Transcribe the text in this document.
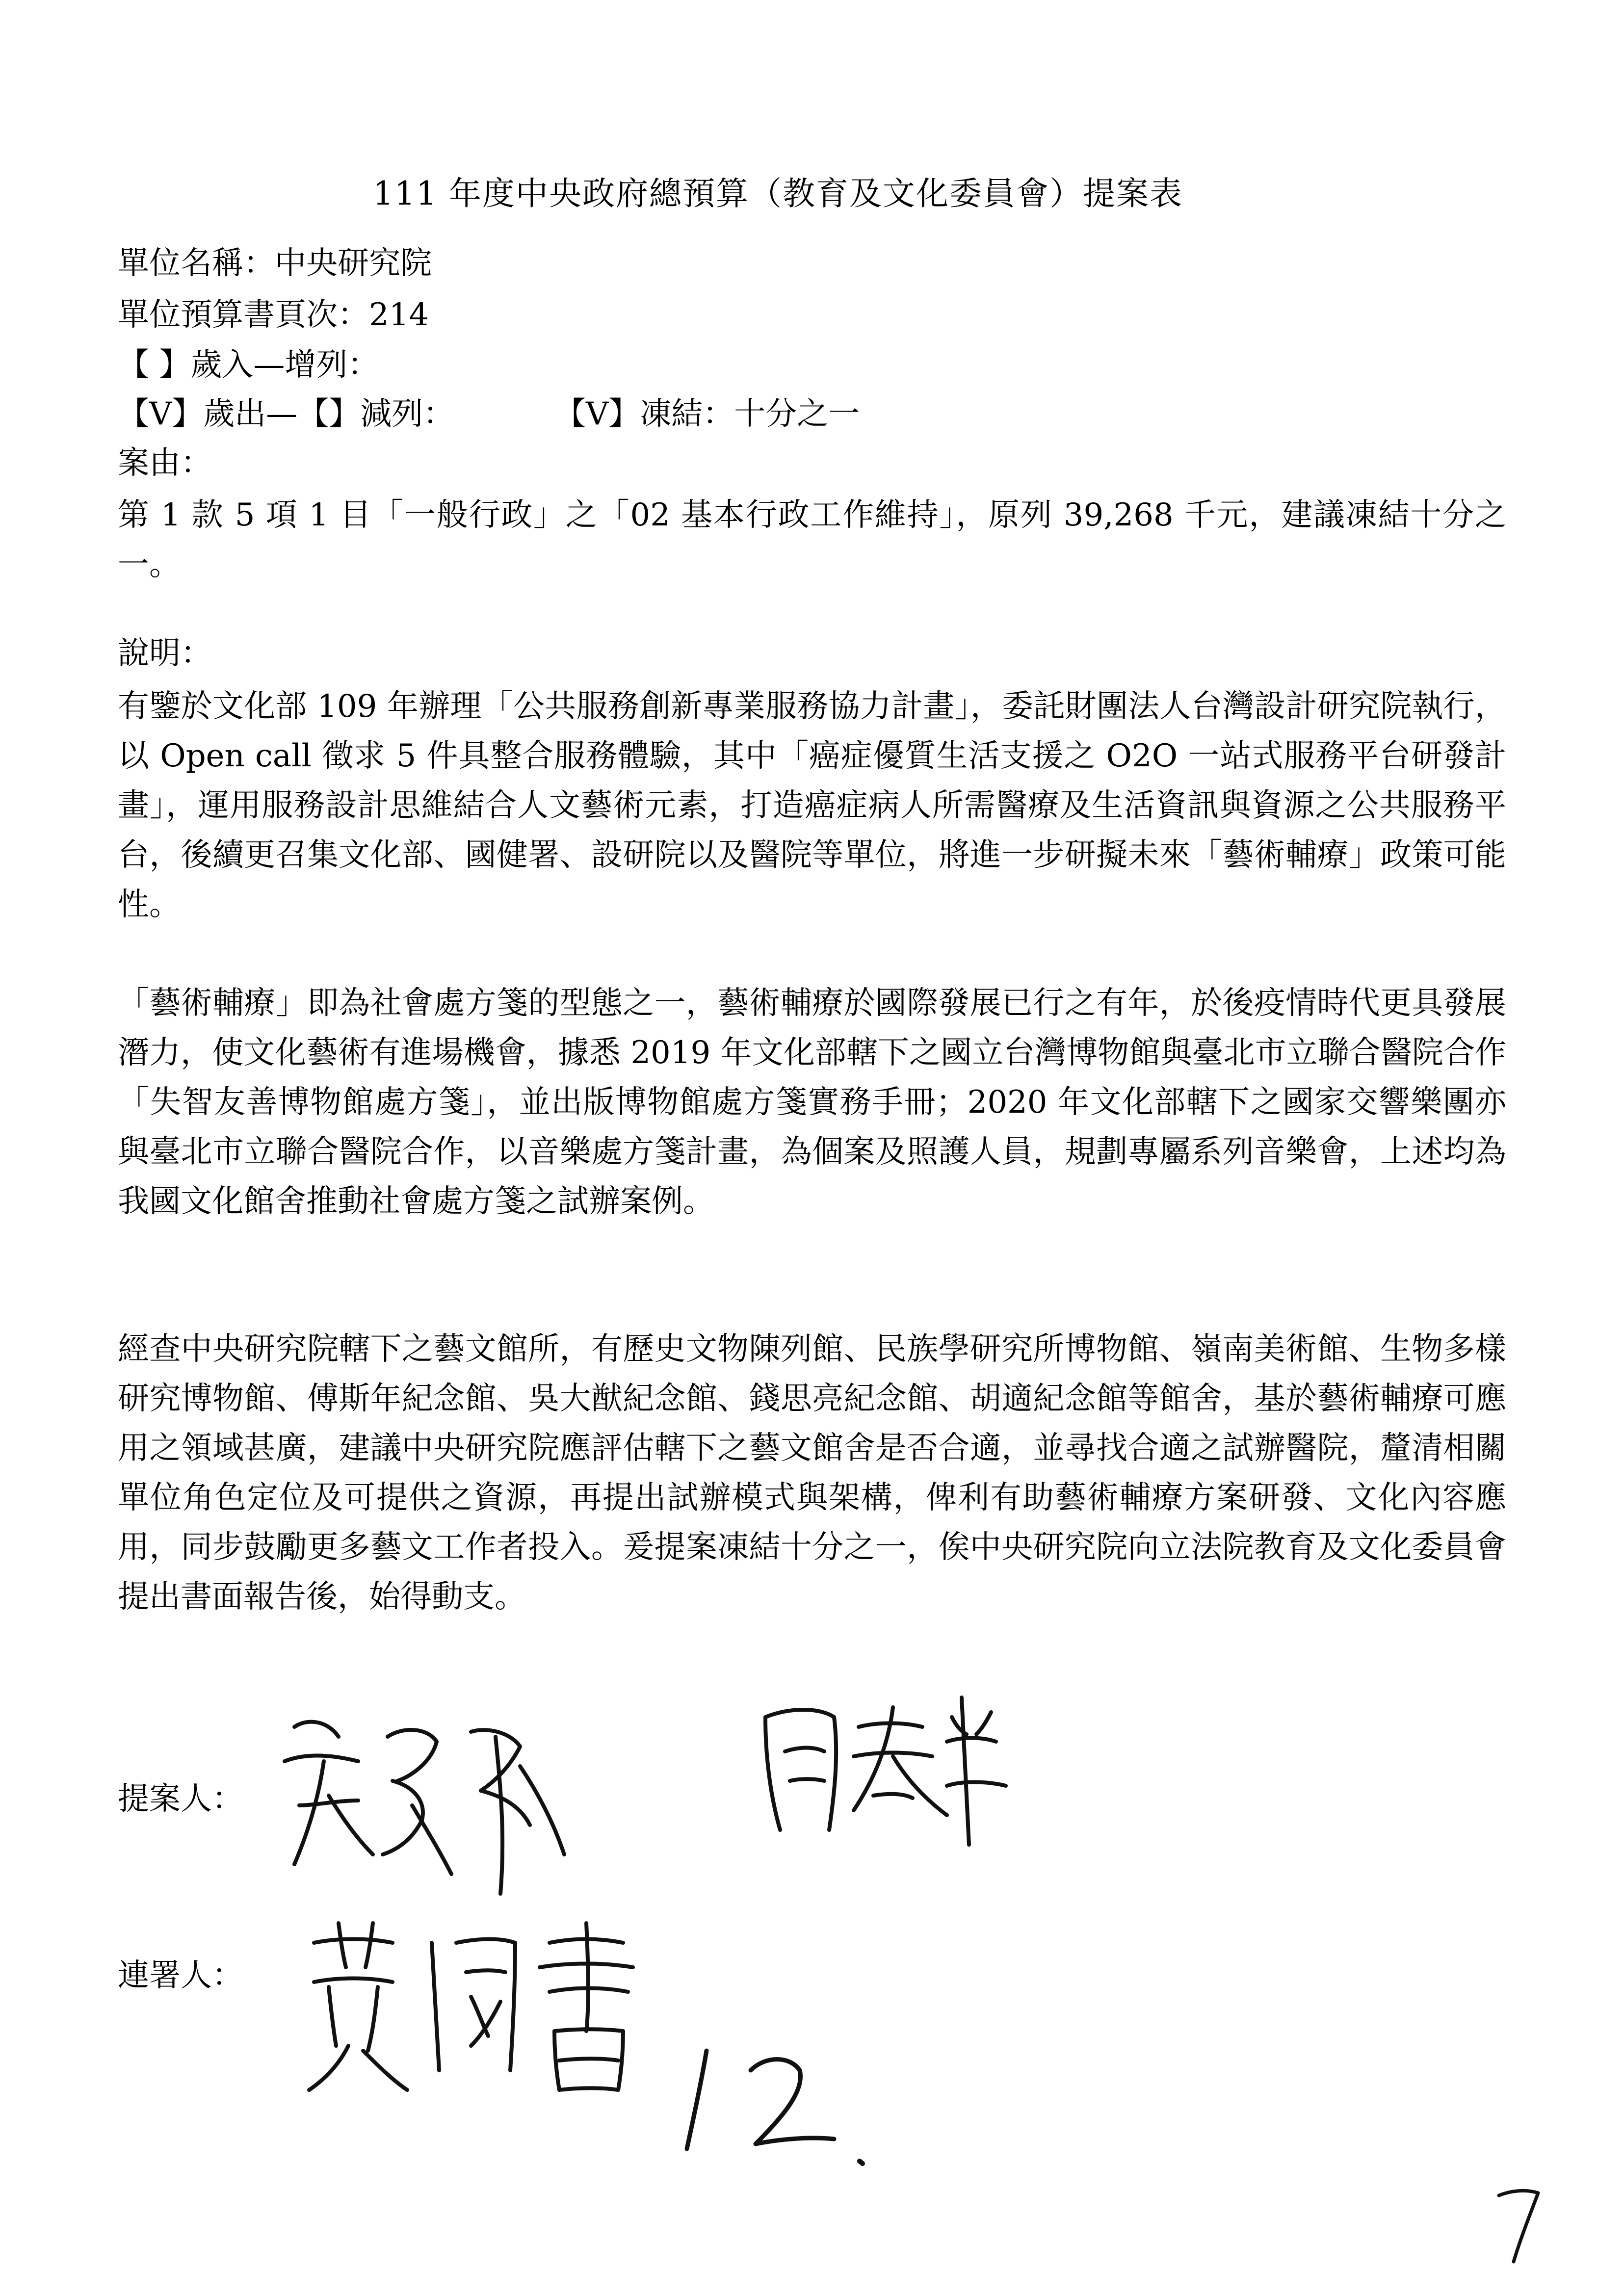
111 年度中央政府總預算（教育及文化委員會）提案表
單位名稱：中央研究院
單位預算書頁次：214
【 】歲入—增列：
【V】歲出—【】減列：	【V】凍結：十分之一
案由：
第 1 款 5 項 1 目「一般行政」之「02 基本行政工作維持」，原列 39,268 千元，建議凍結十分之一。
說明：
有鑒於文化部 109 年辦理「公共服務創新專業服務協力計畫」，委託財團法人台灣設計研究院執行，以 Open call 徵求 5 件具整合服務體驗，其中「癌症優質生活支援之 O2O 一站式服務平台研發計畫」，運用服務設計思維結合人文藝術元素，打造癌症病人所需醫療及生活資訊與資源之公共服務平台，後續更召集文化部、國健署、設研院以及醫院等單位，將進一步研擬未來「藝術輔療」政策可能性。
「藝術輔療」即為社會處方箋的型態之一，藝術輔療於國際發展已行之有年，於後疫情時代更具發展潛力，使文化藝術有進場機會，據悉 2019 年文化部轄下之國立台灣博物館與臺北市立聯合醫院合作「失智友善博物館處方箋」，並出版博物館處方箋實務手冊；2020 年文化部轄下之國家交響樂團亦與臺北市立聯合醫院合作，以音樂處方箋計畫，為個案及照護人員，規劃專屬系列音樂會，上述均為我國文化館舍推動社會處方箋之試辦案例。
經查中央研究院轄下之藝文館所，有歷史文物陳列館、民族學研究所博物館、嶺南美術館、生物多樣研究博物館、傅斯年紀念館、吳大猷紀念館、錢思亮紀念館、胡適紀念館等館舍，基於藝術輔療可應用之領域甚廣，建議中央研究院應評估轄下之藝文館舍是否合適，並尋找合適之試辦醫院，釐清相關單位角色定位及可提供之資源，再提出試辦模式與架構，俾利有助藝術輔療方案研發、文化內容應用，同步鼓勵更多藝文工作者投入。爰提案凍結十分之一，俟中央研究院向立法院教育及文化委員會提出書面報告後，始得動支。
提案人：
連署人：
